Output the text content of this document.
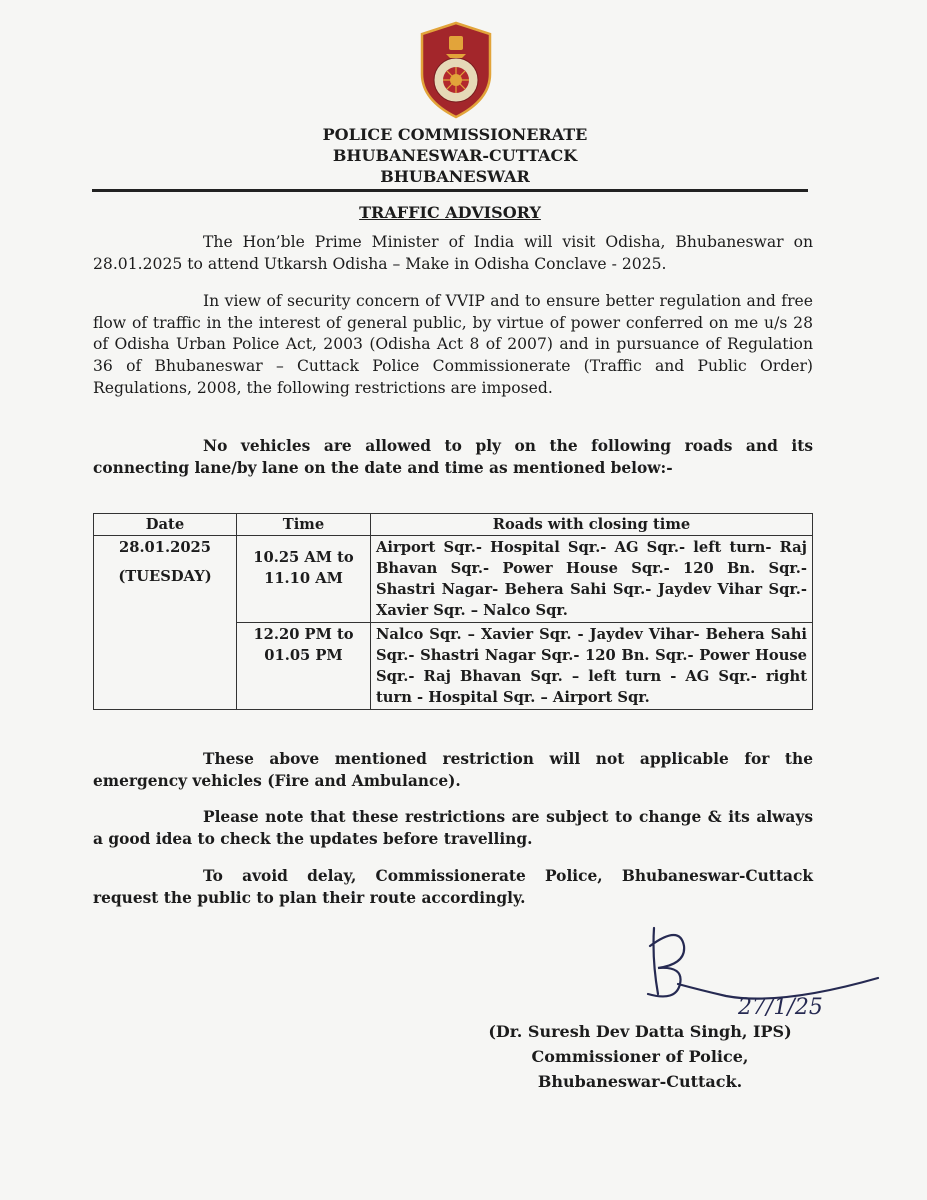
POLICE COMMISSIONERATE
BHUBANESWAR-CUTTACK
BHUBANESWAR
TRAFFIC ADVISORY
The Hon’ble Prime Minister of India will visit Odisha, Bhubaneswar on 28.01.2025 to attend Utkarsh Odisha – Make in Odisha Conclave - 2025.
In view of security concern of VVIP and to ensure better regulation and free flow of traffic in the interest of general public, by virtue of power conferred on me u/s 28 of Odisha Urban Police Act, 2003 (Odisha Act 8 of 2007) and in pursuance of Regulation 36 of Bhubaneswar – Cuttack Police Commissionerate (Traffic and Public Order) Regulations, 2008, the following restrictions are imposed.
No vehicles are allowed to ply on the following roads and its connecting lane/by lane on the date and time as mentioned below:-
Date	Time	Roads with closing time

28.01.2025
(TUESDAY)	10.25 AM to 11.10 AM	Airport Sqr.- Hospital Sqr.- AG Sqr.- left turn- Raj Bhavan Sqr.- Power House Sqr.- 120 Bn. Sqr.- Shastri Nagar- Behera Sahi Sqr.- Jaydev Vihar Sqr.- Xavier Sqr. – Nalco Sqr.

	12.20 PM to 01.05 PM	Nalco Sqr. – Xavier Sqr. - Jaydev Vihar- Behera Sahi Sqr.- Shastri Nagar Sqr.- 120 Bn. Sqr.- Power House Sqr.- Raj Bhavan Sqr. – left turn - AG Sqr.- right turn - Hospital Sqr. – Airport Sqr.
These above mentioned restriction will not applicable for the emergency vehicles (Fire and Ambulance).
Please note that these restrictions are subject to change & its always a good idea to check the updates before travelling.
To avoid delay, Commissionerate Police, Bhubaneswar-Cuttack request the public to plan their route accordingly.
27/1/25
(Dr. Suresh Dev Datta Singh, IPS)
Commissioner of Police,
Bhubaneswar-Cuttack.
